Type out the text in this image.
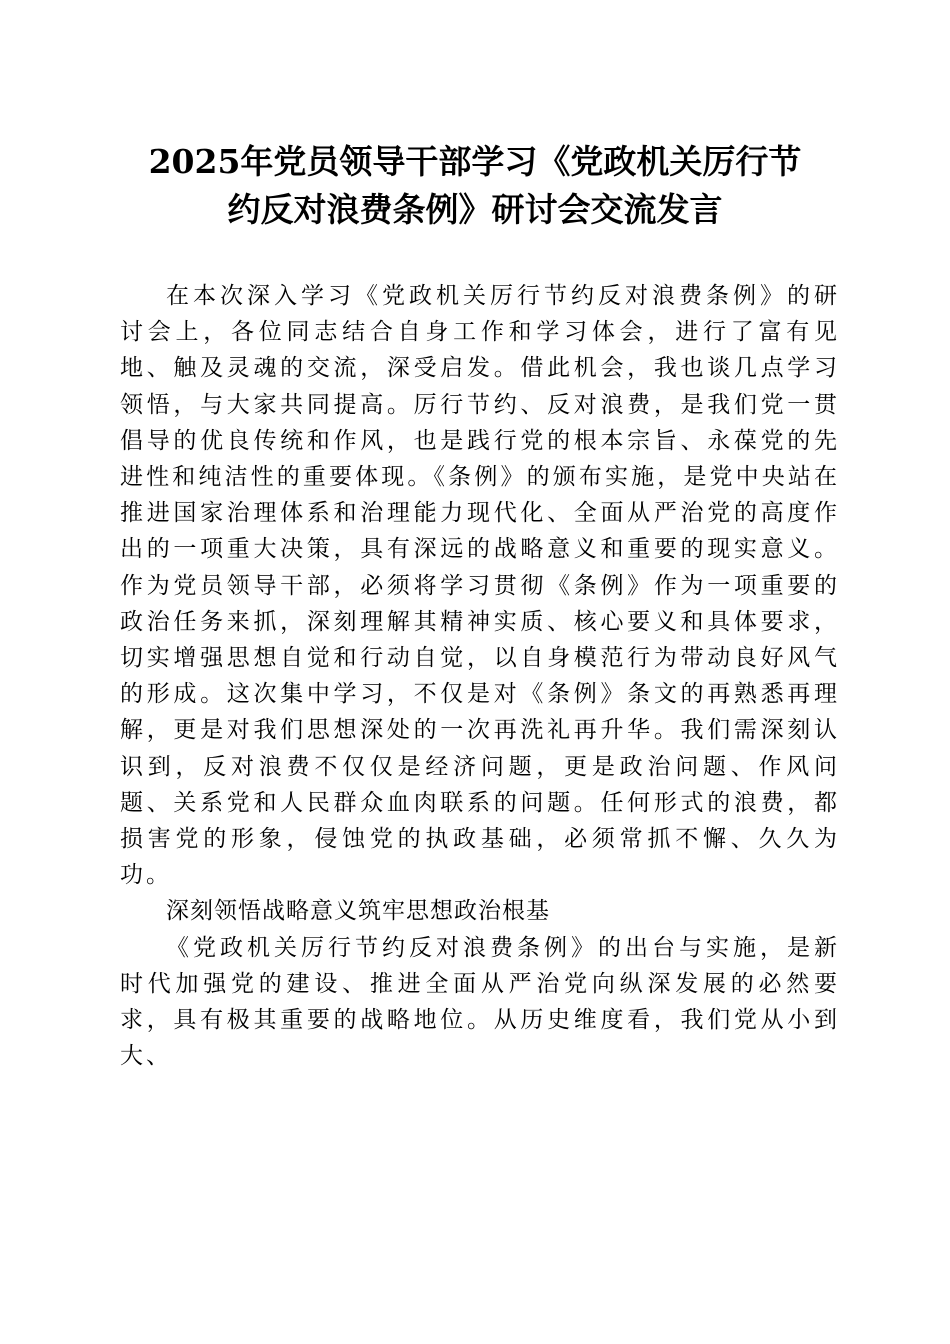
2025年党员领导干部学习《党政机关厉行节
约反对浪费条例》研讨会交流发言

在本次深入学习《党政机关厉行节约反对浪费条例》的研讨会上，各位同志结合自身工作和学习体会，进行了富有见地、触及灵魂的交流，深受启发。借此机会，我也谈几点学习领悟，与大家共同提高。厉行节约、反对浪费，是我们党一贯倡导的优良传统和作风，也是践行党的根本宗旨、永葆党的先进性和纯洁性的重要体现。《条例》的颁布实施，是党中央站在推进国家治理体系和治理能力现代化、全面从严治党的高度作出的一项重大决策，具有深远的战略意义和重要的现实意义。作为党员领导干部，必须将学习贯彻《条例》作为一项重要的政治任务来抓，深刻理解其精神实质、核心要义和具体要求，切实增强思想自觉和行动自觉，以自身模范行为带动良好风气的形成。这次集中学习，不仅是对《条例》条文的再熟悉再理解，更是对我们思想深处的一次再洗礼再升华。我们需深刻认识到，反对浪费不仅仅是经济问题，更是政治问题、作风问题、关系党和人民群众血肉联系的问题。任何形式的浪费，都损害党的形象，侵蚀党的执政基础，必须常抓不懈、久久为功。

深刻领悟战略意义筑牢思想政治根基

《党政机关厉行节约反对浪费条例》的出台与实施，是新时代加强党的建设、推进全面从严治党向纵深发展的必然要求，具有极其重要的战略地位。从历史维度看，我们党从小到大、
